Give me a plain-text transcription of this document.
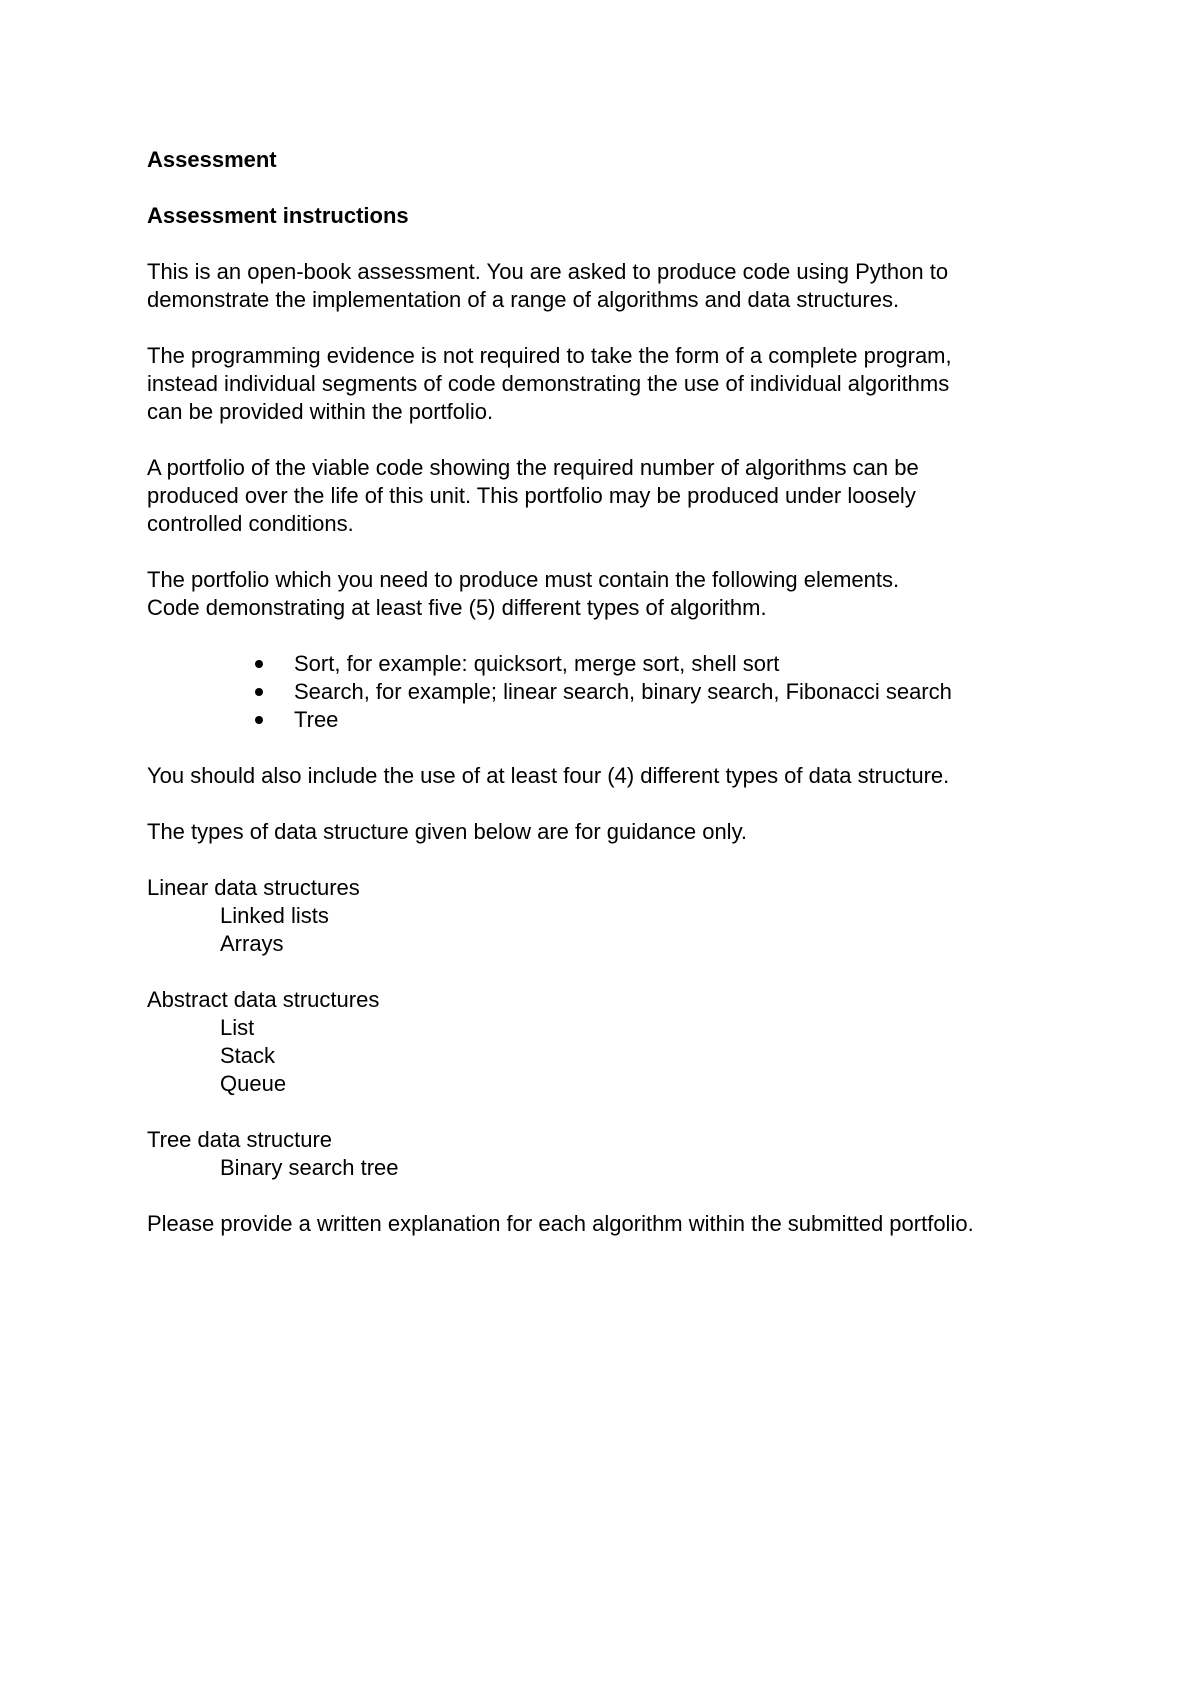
Assessment

Assessment instructions

This is an open-book assessment. You are asked to produce code using Python to
demonstrate the implementation of a range of algorithms and data structures.

The programming evidence is not required to take the form of a complete program,
instead individual segments of code demonstrating the use of individual algorithms
can be provided within the portfolio.

A portfolio of the viable code showing the required number of algorithms can be
produced over the life of this unit. This portfolio may be produced under loosely
controlled conditions.

The portfolio which you need to produce must contain the following elements.
Code demonstrating at least five (5) different types of algorithm.

Sort, for example: quicksort, merge sort, shell sort
Search, for example; linear search, binary search, Fibonacci search
Tree

You should also include the use of at least four (4) different types of data structure.

The types of data structure given below are for guidance only.

Linear data structures
Linked lists
Arrays
Abstract data structures
List
Stack
Queue
Tree data structure
Binary search tree

Please provide a written explanation for each algorithm within the submitted portfolio.
